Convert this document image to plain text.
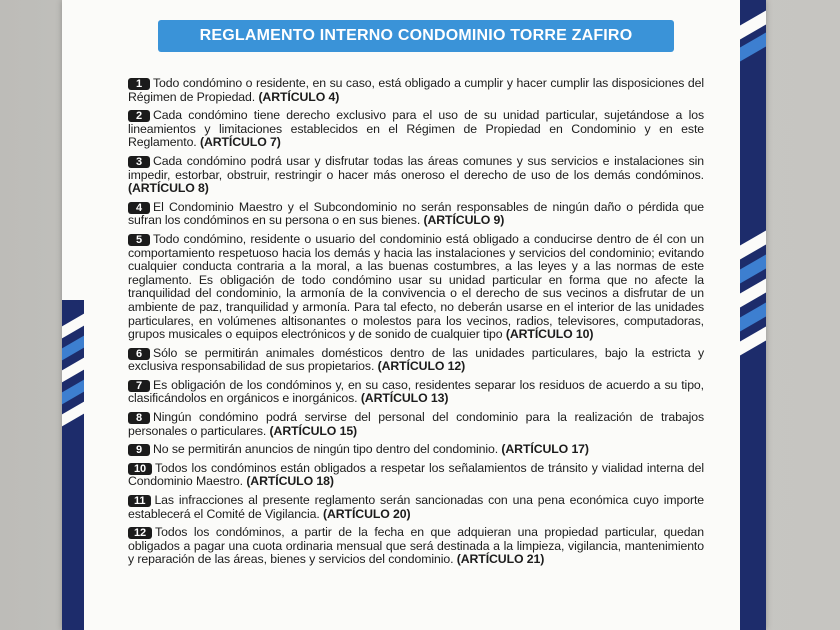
REGLAMENTO INTERNO CONDOMINIO TORRE ZAFIRO
1 Todo condómino o residente, en su caso, está obligado a cumplir y hacer cumplir las disposiciones del Régimen de Propiedad. (ARTÍCULO 4)
2 Cada condómino tiene derecho exclusivo para el uso de su unidad particular, sujetándose a los lineamientos y limitaciones establecidos en el Régimen de Propiedad en Condominio y en este Reglamento. (ARTÍCULO 7)
3 Cada condómino podrá usar y disfrutar todas las áreas comunes y sus servicios e instalaciones sin impedir, estorbar, obstruir, restringir o hacer más oneroso el derecho de uso de los demás condóminos. (ARTÍCULO 8)
4 El Condominio Maestro y el Subcondominio no serán responsables de ningún daño o pérdida que sufran los condóminos en su persona o en sus bienes. (ARTÍCULO 9)
5 Todo condómino, residente o usuario del condominio está obligado a conducirse dentro de él con un comportamiento respetuoso hacia los demás y hacia las instalaciones y servicios del condominio; evitando cualquier conducta contraria a la moral, a las buenas costumbres, a las leyes y a las normas de este reglamento. Es obligación de todo condómino usar su unidad particular en forma que no afecte la tranquilidad del condominio, la armonía de la convivencia o el derecho de sus vecinos a disfrutar de un ambiente de paz, tranquilidad y armonía. Para tal efecto, no deberán usarse en el interior de las unidades particulares, en volúmenes altisonantes o molestos para los vecinos, radios, televisores, computadoras, grupos musicales o equipos electrónicos y de sonido de cualquier tipo (ARTÍCULO 10)
6 Sólo se permitirán animales domésticos dentro de las unidades particulares, bajo la estricta y exclusiva responsabilidad de sus propietarios. (ARTÍCULO 12)
7 Es obligación de los condóminos y, en su caso, residentes separar los residuos de acuerdo a su tipo, clasificándolos en orgánicos e inorgánicos. (ARTÍCULO 13)
8 Ningún condómino podrá servirse del personal del condominio para la realización de trabajos personales o particulares. (ARTÍCULO 15)
9 No se permitirán anuncios de ningún tipo dentro del condominio. (ARTÍCULO 17)
10 Todos los condóminos están obligados a respetar los señalamientos de tránsito y vialidad interna del Condominio Maestro. (ARTÍCULO 18)
11 Las infracciones al presente reglamento serán sancionadas con una pena económica cuyo importe establecerá el Comité de Vigilancia. (ARTÍCULO 20)
12 Todos los condóminos, a partir de la fecha en que adquieran una propiedad particular, quedan obligados a pagar una cuota ordinaria mensual que será destinada a la limpieza, vigilancia, mantenimiento y reparación de las áreas, bienes y servicios del condominio. (ARTÍCULO 21)
